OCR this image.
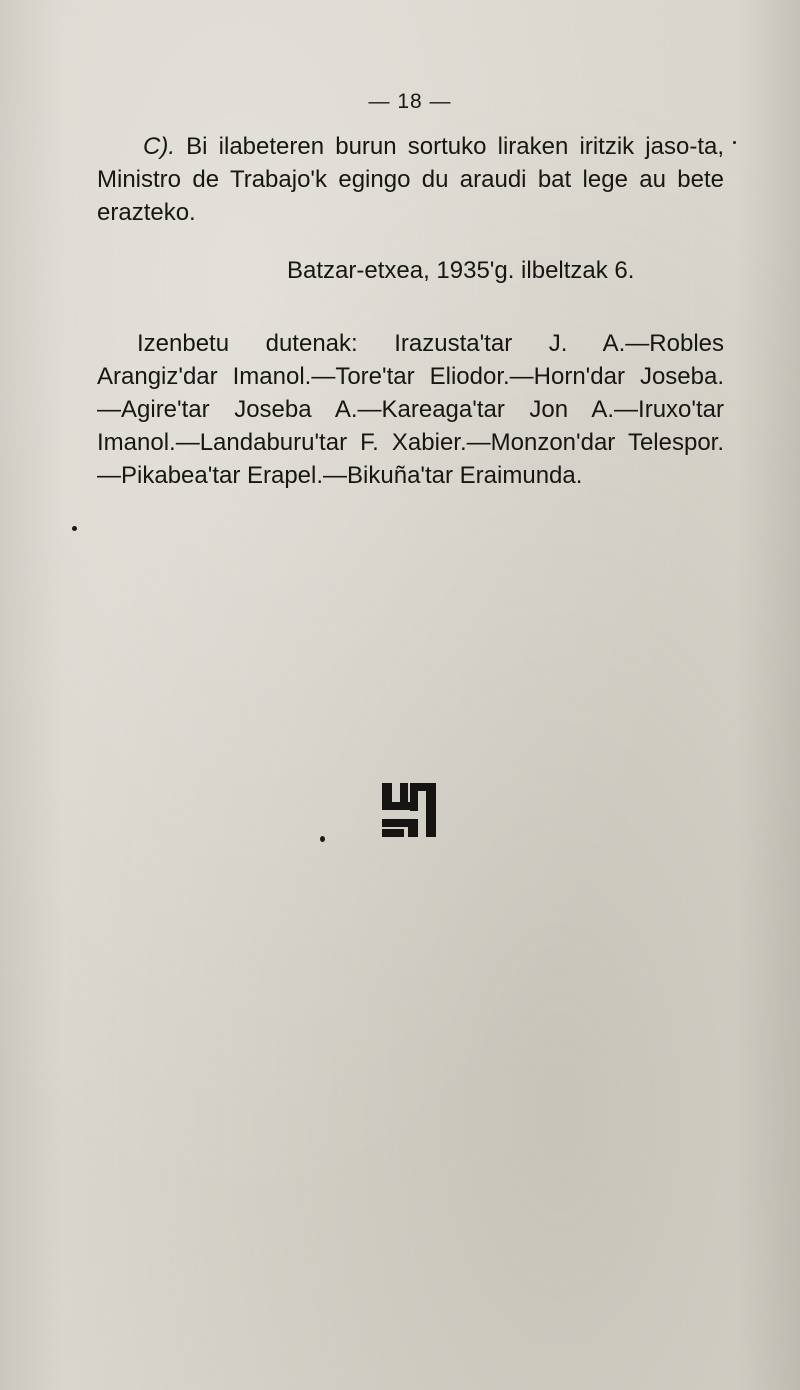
— 18 —

C). Bi ilabeteren burun sortuko liraken iritzik jaso-ta, Ministro de Trabajo'k egingo du araudi bat lege au bete erazteko.

Batzar-etxea, 1935'g. ilbeltzak 6.

Izenbetu dutenak: Irazusta'tar J. A.—Robles Arangiz'dar Imanol.—Tore'tar Eliodor.—Horn'dar Joseba. —Agire'tar Joseba A.—Kareaga'tar Jon A.—Iruxo'tar Imanol.—Landaburu'tar F. Xabier.—Monzon'dar Telespor.—Pikabea'tar Erapel.—Bikuña'tar Eraimunda.
